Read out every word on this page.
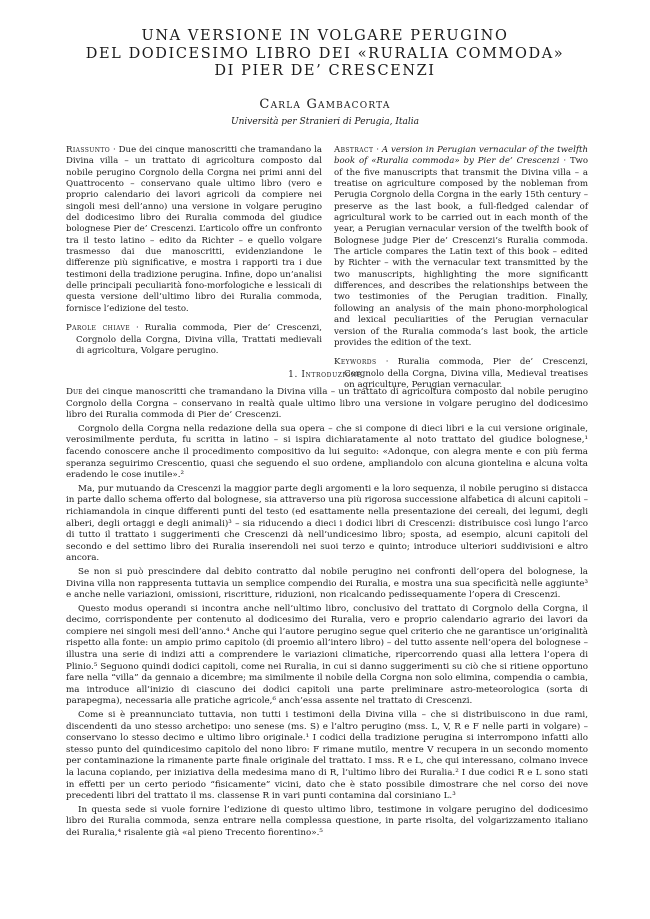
UNA VERSIONE IN VOLGARE PERUGINO
DEL DODICESIMO LIBRO DEI «RURALIA COMMODA»
DI PIER DE’ CRESCENZI
Carla Gambacorta
Università per Stranieri di Perugia, Italia
Riassunto · Due dei cinque manoscritti che tramandano la Divina villa – un trattato di agricoltura composto dal nobile perugino Corgnolo della Corgna nei primi anni del Quattrocento – conservano quale ultimo libro (vero e proprio calendario dei lavori agricoli da compiere nei singoli mesi dell’anno) una versione in volgare perugino del dodicesimo libro dei Ruralia commoda del giudice bolognese Pier de’ Crescenzi. L’articolo offre un confronto tra il testo latino – edito da Richter – e quello volgare trasmesso dai due manoscritti, evidenziandone le differenze più significative, e mostra i rapporti tra i due testimoni della tradizione perugina. Infine, dopo un’analisi delle principali peculiarità fono-morfologiche e lessicali di questa versione dell’ultimo libro dei Ruralia commoda, fornisce l’edizione del testo.
Parole chiave · Ruralia commoda, Pier de’ Crescenzi, Corgnolo della Corgna, Divina villa, Trattati medievali di agricoltura, Volgare perugino.
Abstract · A version in Perugian vernacular of the twelfth book of «Ruralia commoda» by Pier de’ Crescenzi · Two of the five manuscripts that transmit the Divina villa – a treatise on agriculture composed by the nobleman from Perugia Corgnolo della Corgna in the early 15th century – preserve as the last book, a full-fledged calendar of agricultural work to be carried out in each month of the year, a Perugian vernacular version of the twelfth book of Bolognese judge Pier de’ Crescenzi’s Ruralia commoda. The article compares the Latin text of this book – edited by Richter – with the vernacular text transmitted by the two manuscripts, highlighting the more significantt differences, and describes the relationships between the two testimonies of the Perugian tradition. Finally, following an analysis of the main phono-morphological and lexical peculiarities of the Perugian vernacular version of the Ruralia commoda’s last book, the article provides the edition of the text.
Keywords · Ruralia commoda, Pier de’ Crescenzi, Corgnolo della Corgna, Divina villa, Medieval treatises on agriculture, Perugian vernacular.
1. Introduzione

Due dei cinque manoscritti che tramandano la Divina villa – un trattato di agricoltura composto dal nobile perugino Corgnolo della Corgna – conservano in realtà quale ultimo libro una versione in volgare perugino del dodicesimo libro dei Ruralia commoda di Pier de’ Crescenzi.

Corgnolo della Corgna nella redazione della sua opera – che si compone di dieci libri e la cui versione originale, verosimilmente perduta, fu scritta in latino – si ispira dichiaratamente al noto trattato del giudice bolognese,¹ facendo conoscere anche il procedimento compositivo da lui seguito: «Adonque, con alegra mente e con più ferma speranza seguirimo Crescentio, quasi che seguendo el suo ordene, ampliandolo con alcuna giontelina e alcuna volta eradendo le cose inutile».²

Ma, pur mutuando da Crescenzi la maggior parte degli argomenti e la loro sequenza, il nobile perugino si distacca in parte dallo schema offerto dal bolognese, sia attraverso una più rigorosa successione alfabetica di alcuni capitoli – richiamandola in cinque differenti punti del testo (ed esattamente nella presentazione dei cereali, dei legumi, degli alberi, degli ortaggi e degli animali)³ – sia riducendo a dieci i dodici libri di Crescenzi: distribuisce così lungo l’arco di tutto il trattato i suggerimenti che Crescenzi dà nell’undicesimo libro; sposta, ad esempio, alcuni capitoli del secondo e del settimo libro dei Ruralia inserendoli nei suoi terzo e quinto; introduce ulteriori suddivisioni e altro ancora.

Se non si può prescindere dal debito contratto dal nobile perugino nei confronti dell’opera del bolognese, la Divina villa non rappresenta tuttavia un semplice compendio dei Ruralia, e mostra una sua specificità nelle aggiunte³ e anche nelle variazioni, omissioni, riscritture, riduzioni, non ricalcando pedissequamente l’opera di Crescenzi.

Questo modus operandi si incontra anche nell’ultimo libro, conclusivo del trattato di Corgnolo della Corgna, il decimo, corrispondente per contenuto al dodicesimo dei Ruralia, vero e proprio calendario agrario dei lavori da compiere nei singoli mesi dell’anno.⁴ Anche qui l’autore perugino segue quel criterio che ne garantisce un’originalità rispetto alla fonte: un ampio primo capitolo (di proemio all’intero libro) – del tutto assente nell’opera del bolognese – illustra una serie di indizi atti a comprendere le variazioni climatiche, ripercorrendo quasi alla lettera l’opera di Plinio.⁵ Seguono quindi dodici capitoli, come nei Ruralia, in cui si danno suggerimenti su ciò che si ritiene opportuno fare nella “villa” da gennaio a dicembre; ma similmente il nobile della Corgna non solo elimina, compendia o cambia, ma introduce all’inizio di ciascuno dei dodici capitoli una parte preliminare astro-meteorologica (sorta di parapegma), necessaria alle pratiche agricole,⁶ anch’essa assente nel trattato di Crescenzi.

Come si è preannunciato tuttavia, non tutti i testimoni della Divina villa – che si distribuiscono in due rami, discendenti da uno stesso archetipo: uno senese (ms. S) e l’altro perugino (mss. L, V, R e F nelle parti in volgare) – conservano lo stesso decimo e ultimo libro originale.¹ I codici della tradizione perugina si interrompono infatti allo stesso punto del quindicesimo capitolo del nono libro: F rimane mutilo, mentre V recupera in un secondo momento per contaminazione la rimanente parte finale originale del trattato. I mss. R e L, che qui interessano, colmano invece la lacuna copiando, per iniziativa della medesima mano di R, l’ultimo libro dei Ruralia.² I due codici R e L sono stati in effetti per un certo periodo “fisicamente” vicini, dato che è stato possibile dimostrare che nel corso dei nove precedenti libri del trattato il ms. classense R in vari punti contamina dal corsiniano L.³

In questa sede si vuole fornire l’edizione di questo ultimo libro, testimone in volgare perugino del dodicesimo libro dei Ruralia commoda, senza entrare nella complessa questione, in parte risolta, del volgarizzamento italiano dei Ruralia,⁴ risalente già «al pieno Trecento fiorentino».⁵
